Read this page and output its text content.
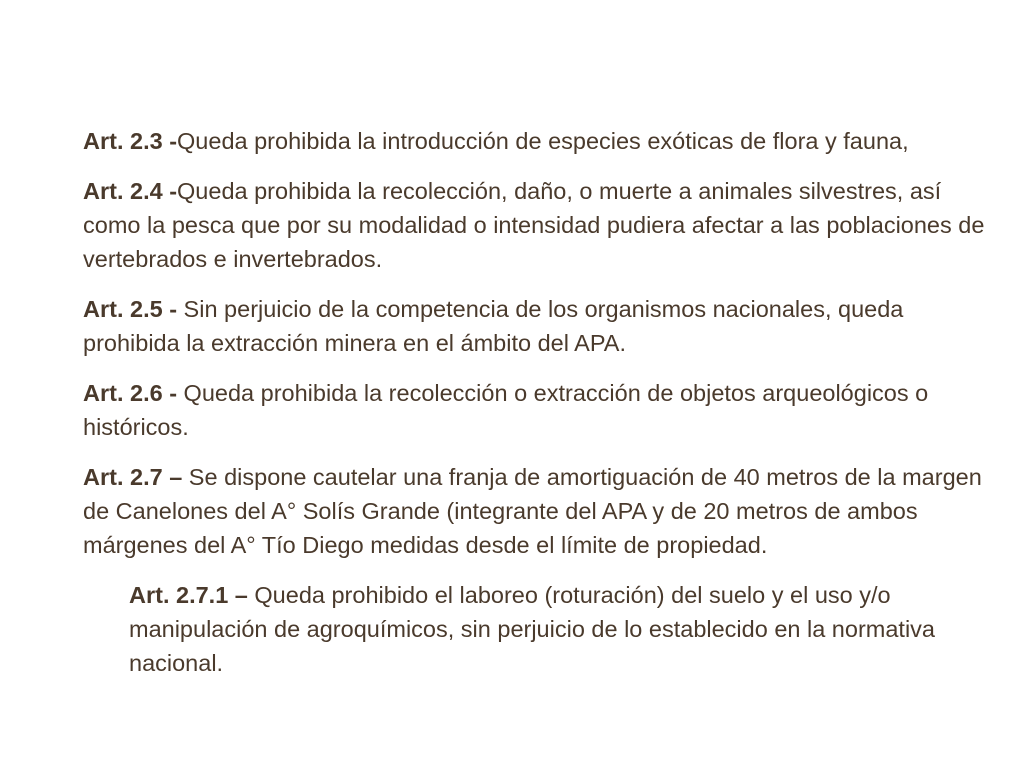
Art. 2.3 -Queda prohibida la introducción de especies exóticas de flora y fauna,

Art. 2.4 -Queda prohibida la recolección, daño, o muerte a animales silvestres, así como la pesca que por su modalidad o intensidad pudiera afectar a las poblaciones de vertebrados e invertebrados.

Art. 2.5 - Sin perjuicio de la competencia de los organismos nacionales, queda prohibida la extracción minera en el ámbito del APA.

Art. 2.6 - Queda prohibida la recolección o extracción de objetos arqueológicos o históricos.

Art. 2.7 – Se dispone cautelar una franja de amortiguación de 40 metros de la margen de Canelones del A° Solís Grande (integrante del APA y de 20 metros de ambos márgenes del A° Tío Diego medidas desde el límite de propiedad.

Art. 2.7.1 – Queda prohibido el laboreo (roturación) del suelo y el uso y/o manipulación de agroquímicos, sin perjuicio de lo establecido en la normativa nacional.
